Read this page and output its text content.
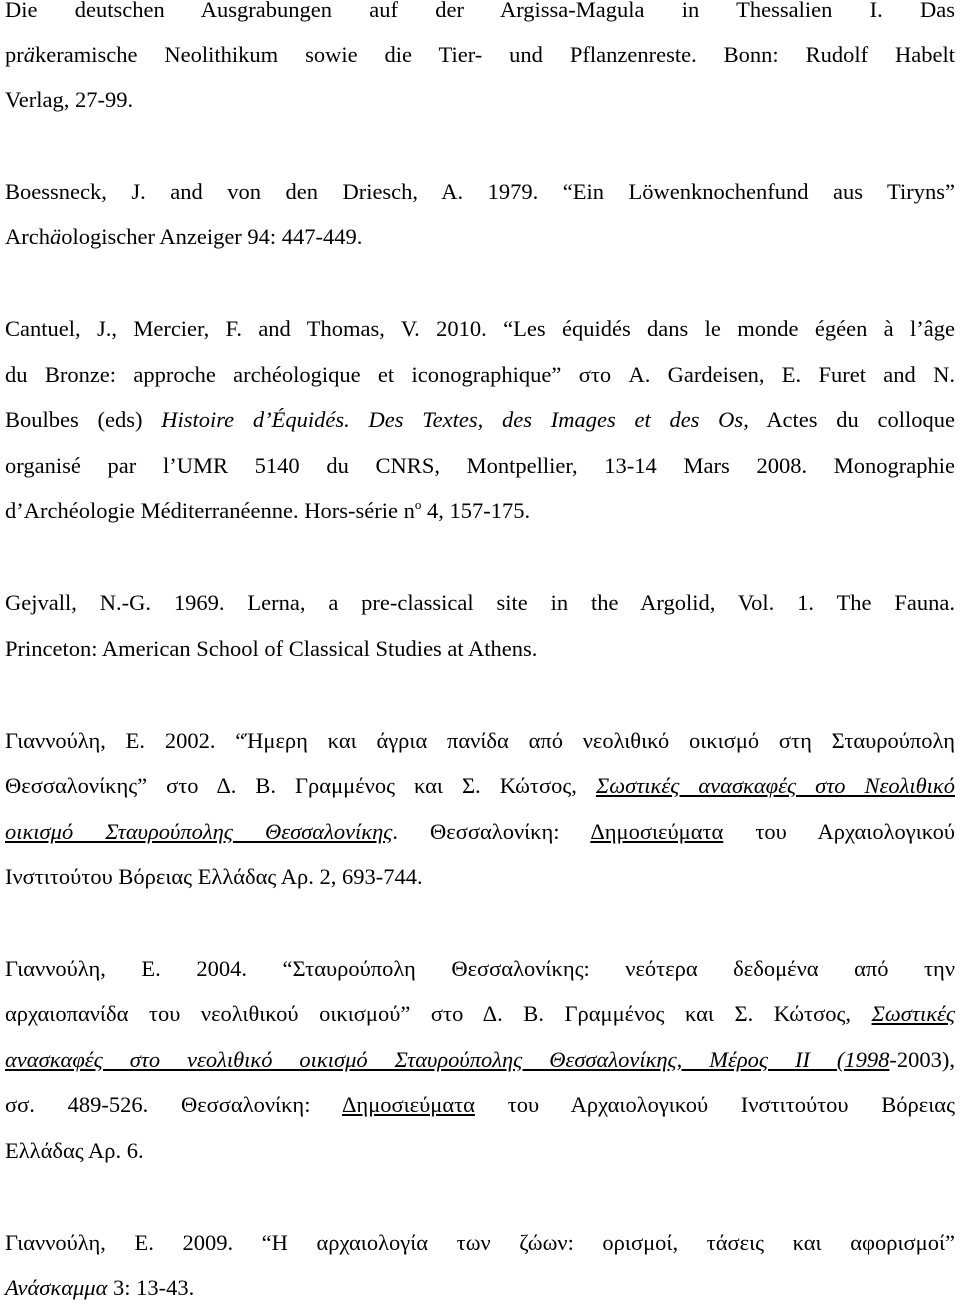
Die deutschen Ausgrabungen auf der Argissa-Magula in Thessalien I. Das
präkeramische Neolithikum sowie die Tier- und Pflanzenreste. Bonn: Rudolf Habelt
Verlag, 27-99.
Boessneck, J. and von den Driesch, A. 1979. “Ein Löwenknochenfund aus Tiryns”
Archäologischer Anzeiger 94: 447-449.
Cantuel, J., Mercier, F. and Thomas, V. 2010. “Les équidés dans le monde égéen à l’âge
du Bronze: approche archéologique et iconographique” στο A. Gardeisen, E. Furet and N.
Boulbes (eds) Histoire d’Équidés. Des Textes, des Images et des Os, Actes du colloque
organisé par l’UMR 5140 du CNRS, Montpellier, 13-14 Mars 2008. Monographie
d’Archéologie Méditerranéenne. Hors-série $n^o$ 4, 157-175.
Gejvall, N.-G. 1969. Lerna, a pre-classical site in the Argolid, Vol. 1. The Fauna.
Princeton: American School of Classical Studies at Athens.
Γιαννούλη, Ε. 2002. “Ήμερη και άγρια πανίδα από νεολιθικό οικισμό στη Σταυρούπολη
Θεσσαλονίκης” στο Δ. Β. Γραμμένος και Σ. Κώτσος, Σωστικές ανασκαφές στο Νεολιθικό
οικισμό Σταυρούπολης Θεσσαλονίκης. Θεσσαλονίκη: Δημοσιεύματα του Αρχαιολογικού
Ινστιτούτου Βόρειας Ελλάδας Αρ. 2, 693-744.
Γιαννούλη, Ε. 2004. “Σταυρούπολη Θεσσαλονίκης: νεότερα δεδομένα από την
αρχαιοπανίδα του νεολιθικού οικισμού” στο Δ. Β. Γραμμένος και Σ. Κώτσος, Σωστικές
ανασκαφές στο νεολιθικό οικισμό Σταυρούπολης Θεσσαλονίκης, Μέρος ΙΙ (1998-2003),
σσ. 489-526. Θεσσαλονίκη: Δημοσιεύματα του Αρχαιολογικού Ινστιτούτου Βόρειας
Ελλάδας Αρ. 6.
Γιαννούλη, Ε. 2009. “Η αρχαιολογία των ζώων: ορισμοί, τάσεις και αφορισμοί”
Ανάσκαμμα 3: 13-43.
